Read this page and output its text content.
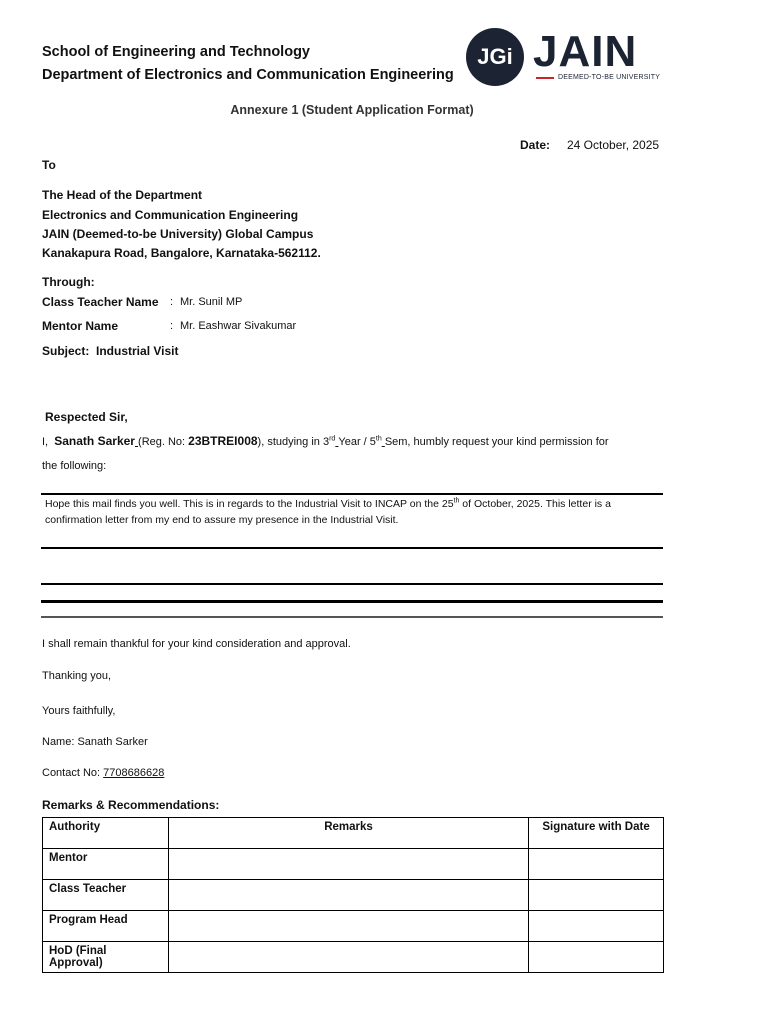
School of Engineering and Technology
Department of Electronics and Communication Engineering
JGi JAIN
DEEMED-TO-BE UNIVERSITY
Annexure 1 (Student Application Format)
Date: 24 October, 2025
To
The Head of the Department
Electronics and Communication Engineering
JAIN (Deemed-to-be University) Global Campus
Kanakapura Road, Bangalore, Karnataka-562112.
Through:
Class Teacher Name : Mr. Sunil MP
Mentor Name	: Mr. Eashwar Sivakumar
Subject: Industrial Visit
Respected Sir,
I, Sanath Sarker (Reg. No: 23BTREI008), studying in 3rd Year / 5th Sem, humbly request your kind permission for
the following:
Hope this mail finds you well. This is in regards to the Industrial Visit to INCAP on the 25th of October, 2025. This letter is a
confirmation letter from my end to assure my presence in the Industrial Visit.
I shall remain thankful for your kind consideration and approval.
Thanking you,
Yours faithfully,
Name: Sanath Sarker
Contact No: 7708686628
Remarks & Recommendations:
Authority	Remarks	Signature with Date
Mentor		
Class Teacher		
Program Head		
HoD (Final Approval)		
